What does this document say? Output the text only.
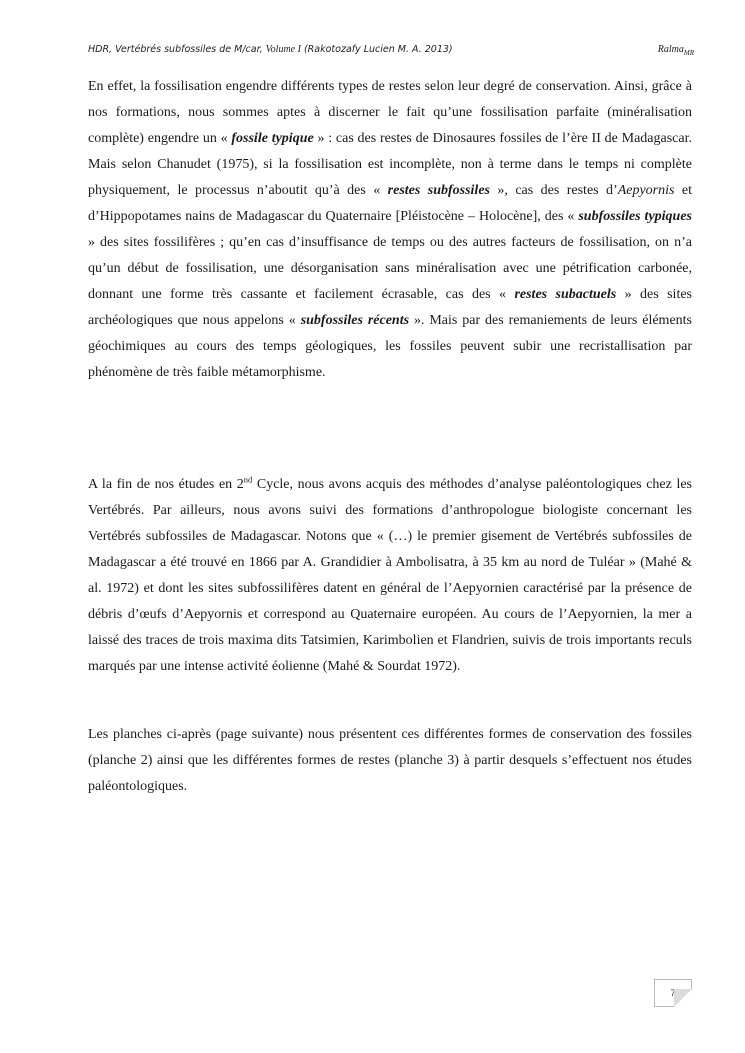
HDR, Vertébrés subfossiles de M/car, Volume I (Rakotozafy Lucien M. A. 2013)	Ralma$_{MR}$

En effet, la fossilisation engendre différents types de restes selon leur degré de conservation. Ainsi, grâce à nos formations, nous sommes aptes à discerner le fait qu’une fossilisation parfaite (minéralisation complète) engendre un « fossile typique » : cas des restes de Dinosaures fossiles de l’ère II de Madagascar. Mais selon Chanudet (1975), si la fossilisation est incomplète, non à terme dans le temps ni complète physiquement, le processus n’aboutit qu’à des « restes subfossiles », cas des restes d’Aepyornis et d’Hippopotames nains de Madagascar du Quaternaire [Pléistocène – Holocène], des « subfossiles typiques » des sites fossilifères ; qu’en cas d’insuffisance de temps ou des autres facteurs de fossilisation, on n’a qu’un début de fossilisation, une désorganisation sans minéralisation avec une pétrification carbonée, donnant une forme très cassante et facilement écrasable, cas des « restes subactuels » des sites archéologiques que nous appelons « subfossiles récents ». Mais par des remaniements de leurs éléments géochimiques au cours des temps géologiques, les fossiles peuvent subir une recristallisation par phénomène de très faible métamorphisme.

A la fin de nos études en 2nd Cycle, nous avons acquis des méthodes d’analyse paléontologiques chez les Vertébrés. Par ailleurs, nous avons suivi des formations d’anthropologue biologiste concernant les Vertébrés subfossiles de Madagascar. Notons que « (…) le premier gisement de Vertébrés subfossiles de Madagascar a été trouvé en 1866 par A. Grandidier à Ambolisatra, à 35 km au nord de Tuléar » (Mahé & al. 1972) et dont les sites subfossilifères datent en général de l’Aepyornien caractérisé par la présence de débris d’œufs d’Aepyornis et correspond au Quaternaire européen. Au cours de l’Aepyornien, la mer a laissé des traces de trois maxima dits Tatsimien, Karimbolien et Flandrien, suivis de trois importants reculs marqués par une intense activité éolienne (Mahé & Sourdat 1972).

Les planches ci-après (page suivante) nous présentent ces différentes formes de conservation des fossiles (planche 2) ainsi que les différentes formes de restes (planche 3) à partir desquels s’effectuent nos études paléontologiques.

7
